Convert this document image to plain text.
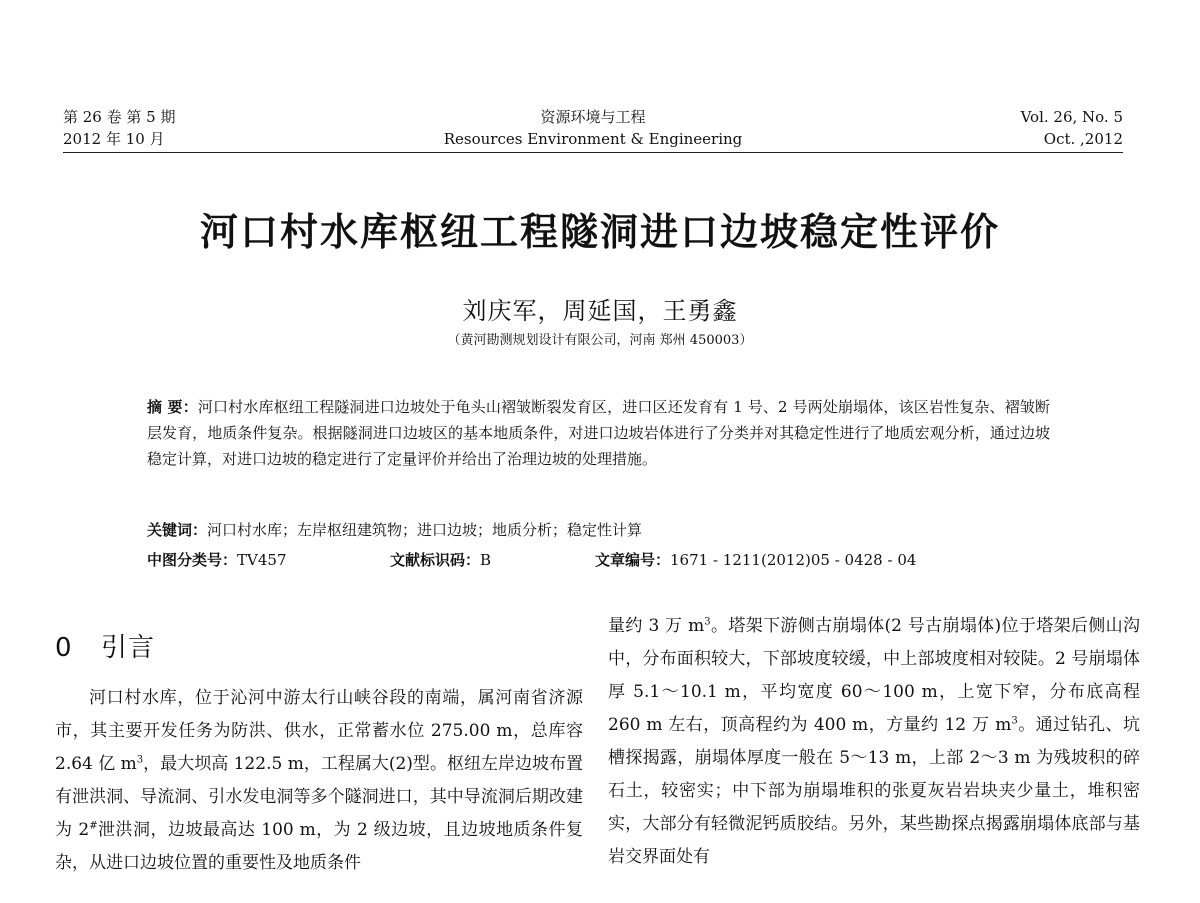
第 26 卷 第 5 期
2012 年 10 月
资源环境与工程
Resources Environment & Engineering
Vol. 26, No. 5
Oct. ,2012
河口村水库枢纽工程隧洞进口边坡稳定性评价
刘庆军，周延国，王勇鑫
（黄河勘测规划设计有限公司，河南 郑州 450003）
摘 要：河口村水库枢纽工程隧洞进口边坡处于龟头山褶皱断裂发育区，进口区还发育有 1 号、2 号两处崩塌体，该区岩性复杂、褶皱断层发育，地质条件复杂。根据隧洞进口边坡区的基本地质条件，对进口边坡岩体进行了分类并对其稳定性进行了地质宏观分析，通过边坡稳定计算，对进口边坡的稳定进行了定量评价并给出了治理边坡的处理措施。
关键词：河口村水库；左岸枢纽建筑物；进口边坡；地质分析；稳定性计算
中图分类号：TV457	文献标识码：B	文章编号：1671 - 1211(2012)05 - 0428 - 04
0 引言
河口村水库，位于沁河中游太行山峡谷段的南端，属河南省济源市，其主要开发任务为防洪、供水，正常蓄水位 275.00 m，总库容 2.64 亿 $m^3$，最大坝高 122.5 m，工程属大(2)型。枢纽左岸边坡布置有泄洪洞、导流洞、引水发电洞等多个隧洞进口，其中导流洞后期改建为 2#泄洪洞，边坡最高达 100 m，为 2 级边坡，且边坡地质条件复杂，从进口边坡位置的重要性及地质条件
量约 3 万 $m^3$。塔架下游侧古崩塌体(2 号古崩塌体)位于塔架后侧山沟中，分布面积较大，下部坡度较缓，中上部坡度相对较陡。2 号崩塌体厚 5.1～10.1 m，平均宽度 60～100 m，上宽下窄，分布底高程 260 m 左右，顶高程约为 400 m，方量约 12 万 $m^3$。通过钻孔、坑槽探揭露，崩塌体厚度一般在 5～13 m，上部 2～3 m 为残坡积的碎石土，较密实；中下部为崩塌堆积的张夏灰岩岩块夹少量土，堆积密实，大部分有轻微泥钙质胶结。另外，某些勘探点揭露崩塌体底部与基岩交界面处有
